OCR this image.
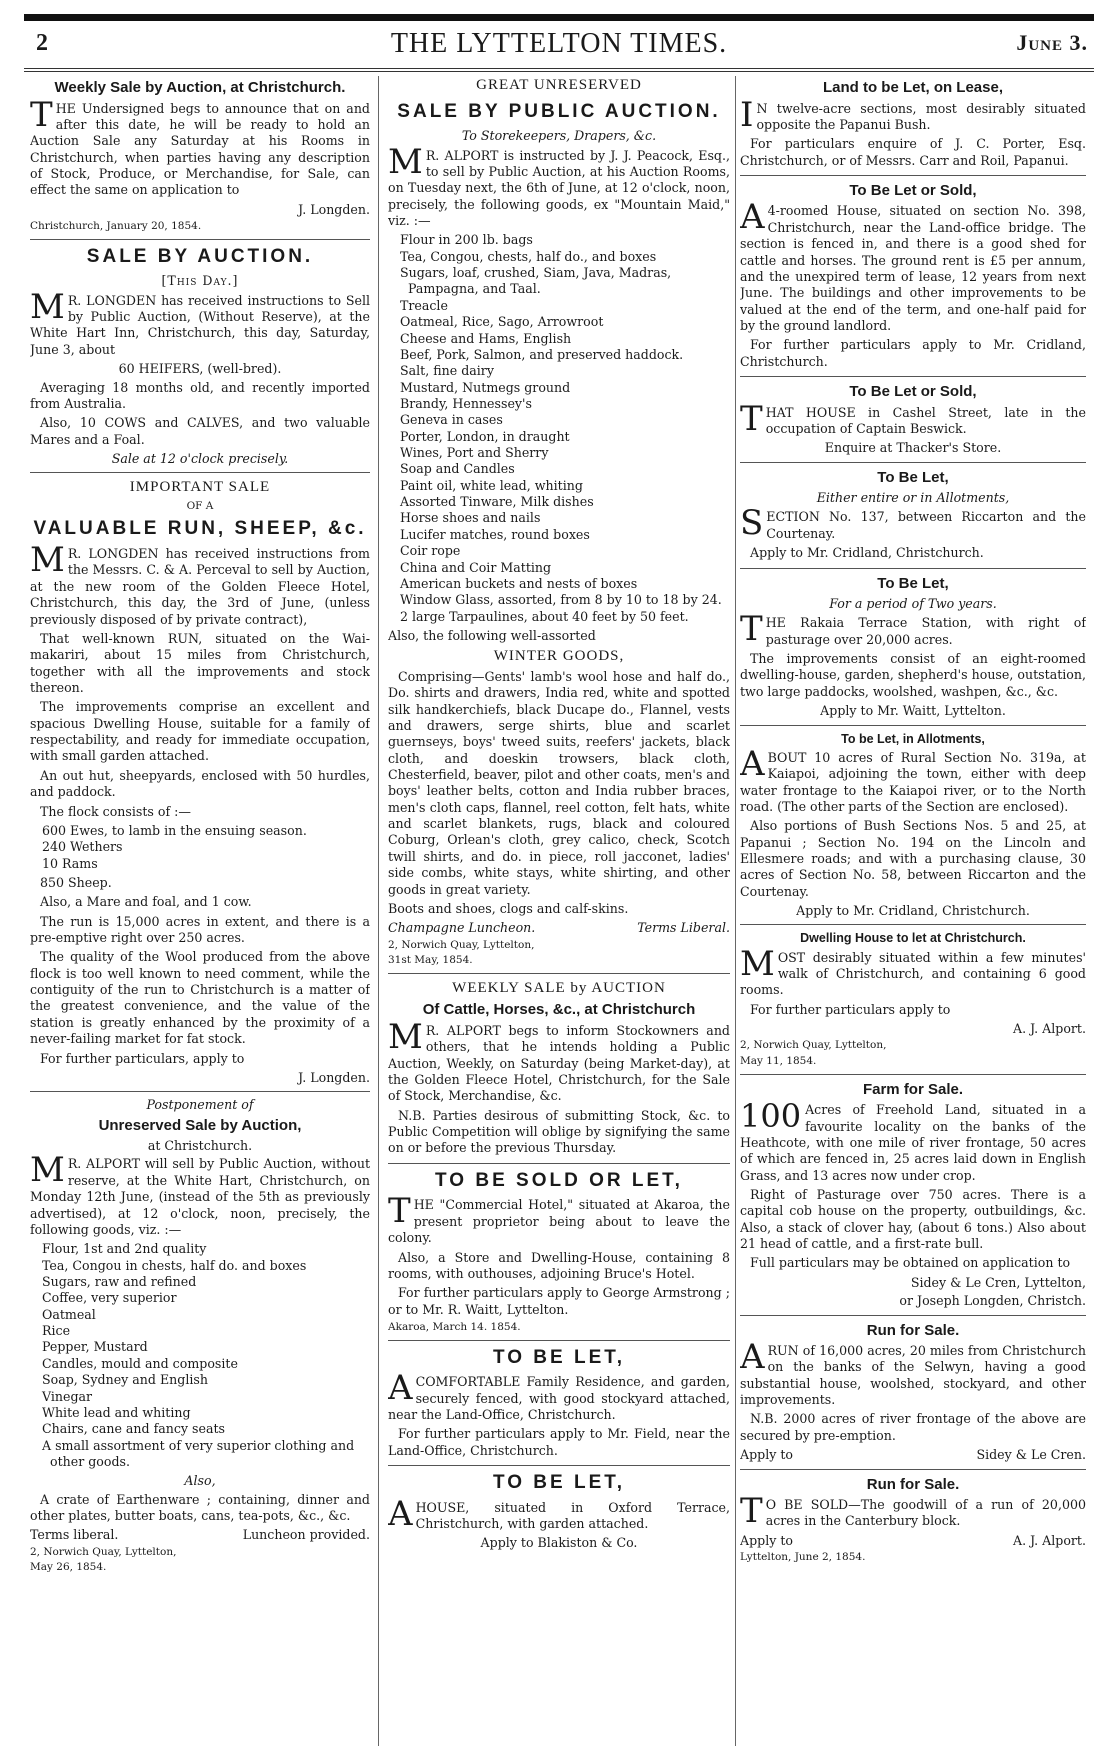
2	THE LYTTELTON TIMES.	June 3.
Weekly Sale by Auction, at Christchurch.

THE Undersigned begs to announce that on and after this date, he will be ready to hold an Auction Sale any Saturday at his Rooms in Christchurch, when parties having any description of Stock, Produce, or Merchandise, for Sale, can effect the same on application to

J. Longden.
Christchurch, January 20, 1854.
SALE BY AUCTION.
[This Day.]

MR. LONGDEN has received instructions to Sell by Public Auction, (Without Reserve), at the White Hart Inn, Christchurch, this day, Saturday, June 3, about

60 HEIFERS, (well-bred).

Averaging 18 months old, and recently imported from Australia.

Also, 10 COWS and CALVES, and two valuable Mares and a Foal.

Sale at 12 o'clock precisely.
IMPORTANT SALE
OF A
VALUABLE RUN, SHEEP, &c.

MR. LONGDEN has received instructions from the Messrs. C. & A. Perceval to sell by Auction, at the new room of the Golden Fleece Hotel, Christchurch, this day, the 3rd of June, (unless previously disposed of by private contract),

That well-known RUN, situated on the Wai-makariri, about 15 miles from Christchurch, together with all the improvements and stock thereon.

The improvements comprise an excellent and spacious Dwelling House, suitable for a family of respectability, and ready for immediate occupation, with small garden attached.

An out hut, sheepyards, enclosed with 50 hurdles, and paddock.

The flock consists of :—

600 Ewes, to lamb in the ensuing season.
240 Wethers
10 Rams

850 Sheep.

Also, a Mare and foal, and 1 cow.

The run is 15,000 acres in extent, and there is a pre-emptive right over 250 acres.

The quality of the Wool produced from the above flock is too well known to need comment, while the contiguity of the run to Christchurch is a matter of the greatest convenience, and the value of the station is greatly enhanced by the proximity of a never-failing market for fat stock.

For further particulars, apply to

J. Longden.
Postponement of
Unreserved Sale by Auction,
at Christchurch.

MR. ALPORT will sell by Public Auction, without reserve, at the White Hart, Christchurch, on Monday 12th June, (instead of the 5th as previously advertised), at 12 o'clock, noon, precisely, the following goods, viz. :—

Flour, 1st and 2nd quality
Tea, Congou in chests, half do. and boxes
Sugars, raw and refined
Coffee, very superior
Oatmeal
Rice
Pepper, Mustard
Candles, mould and composite
Soap, Sydney and English
Vinegar
White lead and whiting
Chairs, cane and fancy seats
A small assortment of very superior clothing and other goods.
Also,

A crate of Earthenware ; containing, dinner and other plates, butter boats, cans, tea-pots, &c., &c.

Terms liberal.	Luncheon provided.
2, Norwich Quay, Lyttelton,
May 26, 1854.
GREAT UNRESERVED
SALE BY PUBLIC AUCTION.
To Storekeepers, Drapers, &c.

MR. ALPORT is instructed by J. J. Peacock, Esq., to sell by Public Auction, at his Auction Rooms, on Tuesday next, the 6th of June, at 12 o'clock, noon, precisely, the following goods, ex "Mountain Maid," viz. :—

Flour in 200 lb. bags
Tea, Congou, chests, half do., and boxes
Sugars, loaf, crushed, Siam, Java, Madras, Pampagna, and Taal.
Treacle
Oatmeal, Rice, Sago, Arrowroot
Cheese and Hams, English
Beef, Pork, Salmon, and preserved haddock.
Salt, fine dairy
Mustard, Nutmegs ground
Brandy, Hennessey's
Geneva in cases
Porter, London, in draught
Wines, Port and Sherry
Soap and Candles
Paint oil, white lead, whiting
Assorted Tinware, Milk dishes
Horse shoes and nails
Lucifer matches, round boxes
Coir rope
China and Coir Matting
American buckets and nests of boxes
Window Glass, assorted, from 8 by 10 to 18 by 24.
2 large Tarpaulines, about 40 feet by 50 feet.

Also, the following well-assorted

WINTER GOODS,

Comprising—Gents' lamb's wool hose and half do., Do. shirts and drawers, India red, white and spotted silk handkerchiefs, black Ducape do., Flannel, vests and drawers, serge shirts, blue and scarlet guernseys, boys' tweed suits, reefers' jackets, black cloth, and doeskin trowsers, black cloth, Chesterfield, beaver, pilot and other coats, men's and boys' leather belts, cotton and India rubber braces, men's cloth caps, flannel, reel cotton, felt hats, white and scarlet blankets, rugs, black and coloured Coburg, Orlean's cloth, grey calico, check, Scotch twill shirts, and do. in piece, roll jacconet, ladies' side combs, white stays, white shirting, and other goods in great variety.

Boots and shoes, clogs and calf-skins.

Champagne Luncheon.	Terms Liberal.
2, Norwich Quay, Lyttelton,
31st May, 1854.
WEEKLY SALE by AUCTION
Of Cattle, Horses, &c., at Christchurch

MR. ALPORT begs to inform Stockowners and others, that he intends holding a Public Auction, Weekly, on Saturday (being Market-day), at the Golden Fleece Hotel, Christchurch, for the Sale of Stock, Merchandise, &c.

N.B. Parties desirous of submitting Stock, &c. to Public Competition will oblige by signifying the same on or before the previous Thursday.

TO BE SOLD OR LET,

THE "Commercial Hotel," situated at Akaroa, the present proprietor being about to leave the colony.

Also, a Store and Dwelling-House, containing 8 rooms, with outhouses, adjoining Bruce's Hotel.

For further particulars apply to George Armstrong ; or to Mr. R. Waitt, Lyttelton.

Akaroa, March 14. 1854.
TO BE LET,

ACOMFORTABLE Family Residence, and garden, securely fenced, with good stockyard attached, near the Land-Office, Christchurch.

For further particulars apply to Mr. Field, near the Land-Office, Christchurch.

TO BE LET,

AHOUSE, situated in Oxford Terrace, Christchurch, with garden attached.

Apply to Blakiston & Co.
Land to be Let, on Lease,

IN twelve-acre sections, most desirably situated opposite the Papanui Bush.

For particulars enquire of J. C. Porter, Esq. Christchurch, or of Messrs. Carr and Roil, Papanui.

To Be Let or Sold,

A4-roomed House, situated on section No. 398, Christchurch, near the Land-office bridge. The section is fenced in, and there is a good shed for cattle and horses. The ground rent is £5 per annum, and the unexpired term of lease, 12 years from next June. The buildings and other improvements to be valued at the end of the term, and one-half paid for by the ground landlord.

For further particulars apply to Mr. Cridland, Christchurch.

To Be Let or Sold,

THAT HOUSE in Cashel Street, late in the occupation of Captain Beswick.

Enquire at Thacker's Store.
To Be Let,
Either entire or in Allotments,

SECTION No. 137, between Riccarton and the Courtenay.

Apply to Mr. Cridland, Christchurch.

To Be Let,
For a period of Two years.

THE Rakaia Terrace Station, with right of pasturage over 20,000 acres.

The improvements consist of an eight-roomed dwelling-house, garden, shepherd's house, outstation, two large paddocks, woolshed, washpen, &c., &c.

Apply to Mr. Waitt, Lyttelton.
To be Let, in Allotments,

ABOUT 10 acres of Rural Section No. 319a, at Kaiapoi, adjoining the town, either with deep water frontage to the Kaiapoi river, or to the North road. (The other parts of the Section are enclosed).

Also portions of Bush Sections Nos. 5 and 25, at Papanui ; Section No. 194 on the Lincoln and Ellesmere roads; and with a purchasing clause, 30 acres of Section No. 58, between Riccarton and the Courtenay.

Apply to Mr. Cridland, Christchurch.
Dwelling House to let at Christchurch.

MOST desirably situated within a few minutes' walk of Christchurch, and containing 6 good rooms.

For further particulars apply to

A. J. Alport.
2, Norwich Quay, Lyttelton,
May 11, 1854.
Farm for Sale.

100 Acres of Freehold Land, situated in a favourite locality on the banks of the Heathcote, with one mile of river frontage, 50 acres of which are fenced in, 25 acres laid down in English Grass, and 13 acres now under crop.

Right of Pasturage over 750 acres. There is a capital cob house on the property, outbuildings, &c. Also, a stack of clover hay, (about 6 tons.) Also about 21 head of cattle, and a first-rate bull.

Full particulars may be obtained on application to

Sidey & Le Cren, Lyttelton,
or Joseph Longden, Christch.
Run for Sale.

ARUN of 16,000 acres, 20 miles from Christchurch on the banks of the Selwyn, having a good substantial house, woolshed, stockyard, and other improvements.

N.B. 2000 acres of river frontage of the above are secured by pre-emption.

Apply to	Sidey & Le Cren.
Run for Sale.

TO BE SOLD—The goodwill of a run of 20,000 acres in the Canterbury block.

Apply to	A. J. Alport.
Lyttelton, June 2, 1854.
